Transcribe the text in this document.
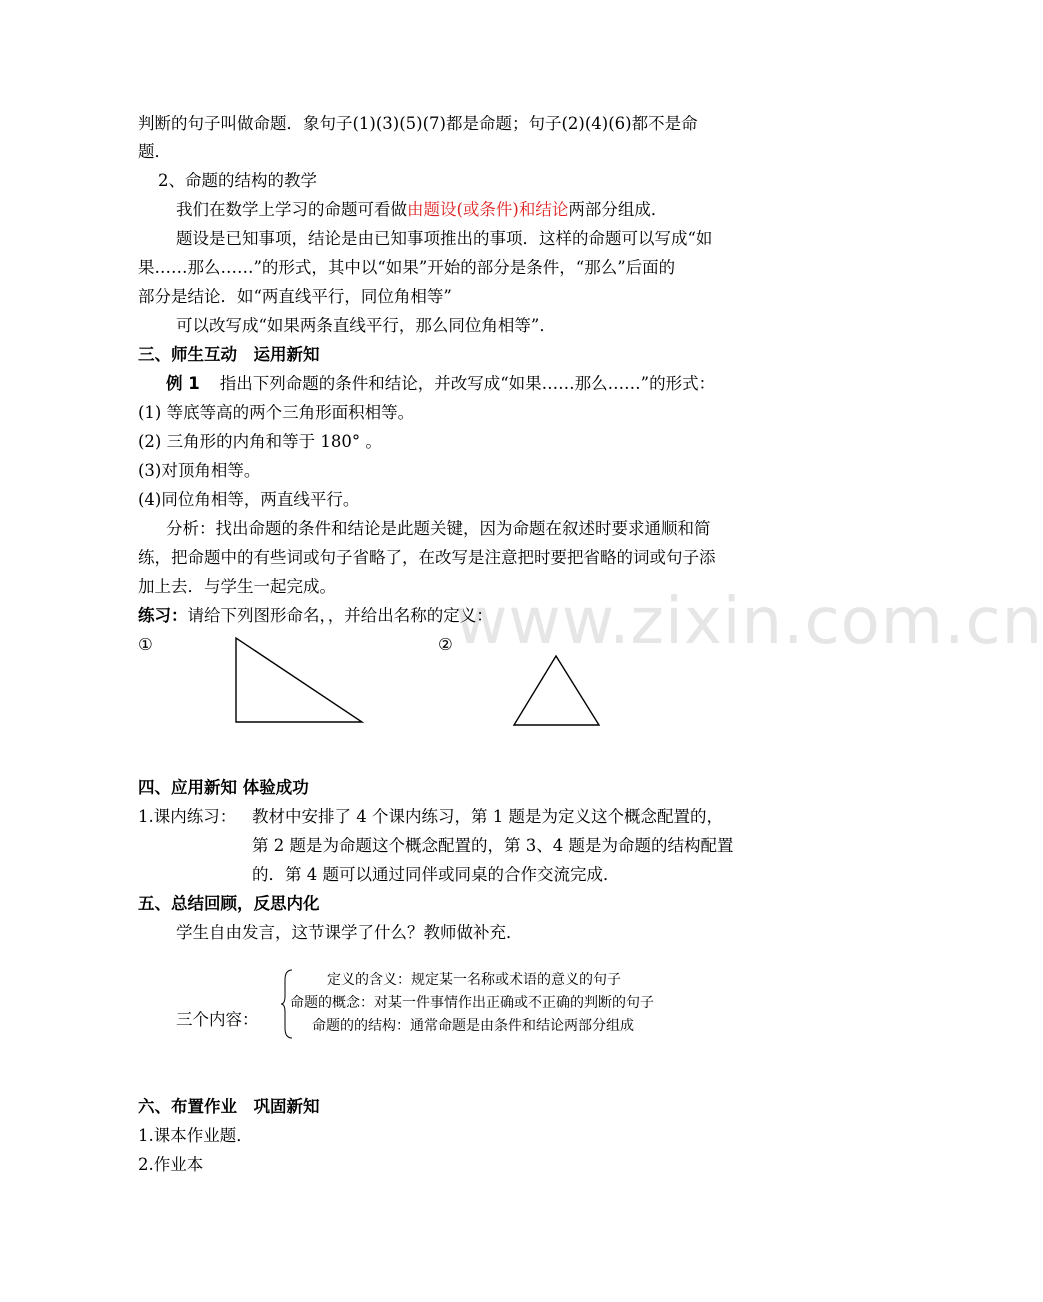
www.zixin.com.cn
判断的句子叫做命题．象句子(1)(3)(5)(7)都是命题；句子(2)(4)(6)都不是命
题．
2、命题的结构的教学
我们在数学上学习的命题可看做由题设(或条件)和结论两部分组成．
题设是已知事项，结论是由已知事项推出的事项．这样的命题可以写成“如
果……那么……”的形式，其中以“如果”开始的部分是条件，“那么”后面的
部分是结论．如“两直线平行，同位角相等”
可以改写成“如果两条直线平行，那么同位角相等”．
三、师生互动　运用新知
例 1 指出下列命题的条件和结论，并改写成“如果……那么……”的形式：
(1) 等底等高的两个三角形面积相等。
(2) 三角形的内角和等于 180° 。
(3)对顶角相等。
(4)同位角相等，两直线平行。
分析：找出命题的条件和结论是此题关键，因为命题在叙述时要求通顺和简
练，把命题中的有些词或句子省略了，在改写是注意把时要把省略的词或句子添
加上去．与学生一起完成。
练习：请给下列图形命名，，并给出名称的定义：
①	②
四、应用新知 体验成功
1.课内练习： 教材中安排了 4 个课内练习，第 1 题是为定义这个概念配置的，
第 2 题是为命题这个概念配置的，第 3、4 题是为命题的结构配置
的．第 4 题可以通过同伴或同桌的合作交流完成．
五、总结回顾，反思内化
学生自由发言，这节课学了什么？教师做补充．
三个内容：
定义的含义：规定某一名称或术语的意义的句子
命题的概念：对某一件事情作出正确或不正确的判断的句子
命题的的结构：通常命题是由条件和结论两部分组成
六、布置作业　巩固新知
1.课本作业题．
2.作业本
